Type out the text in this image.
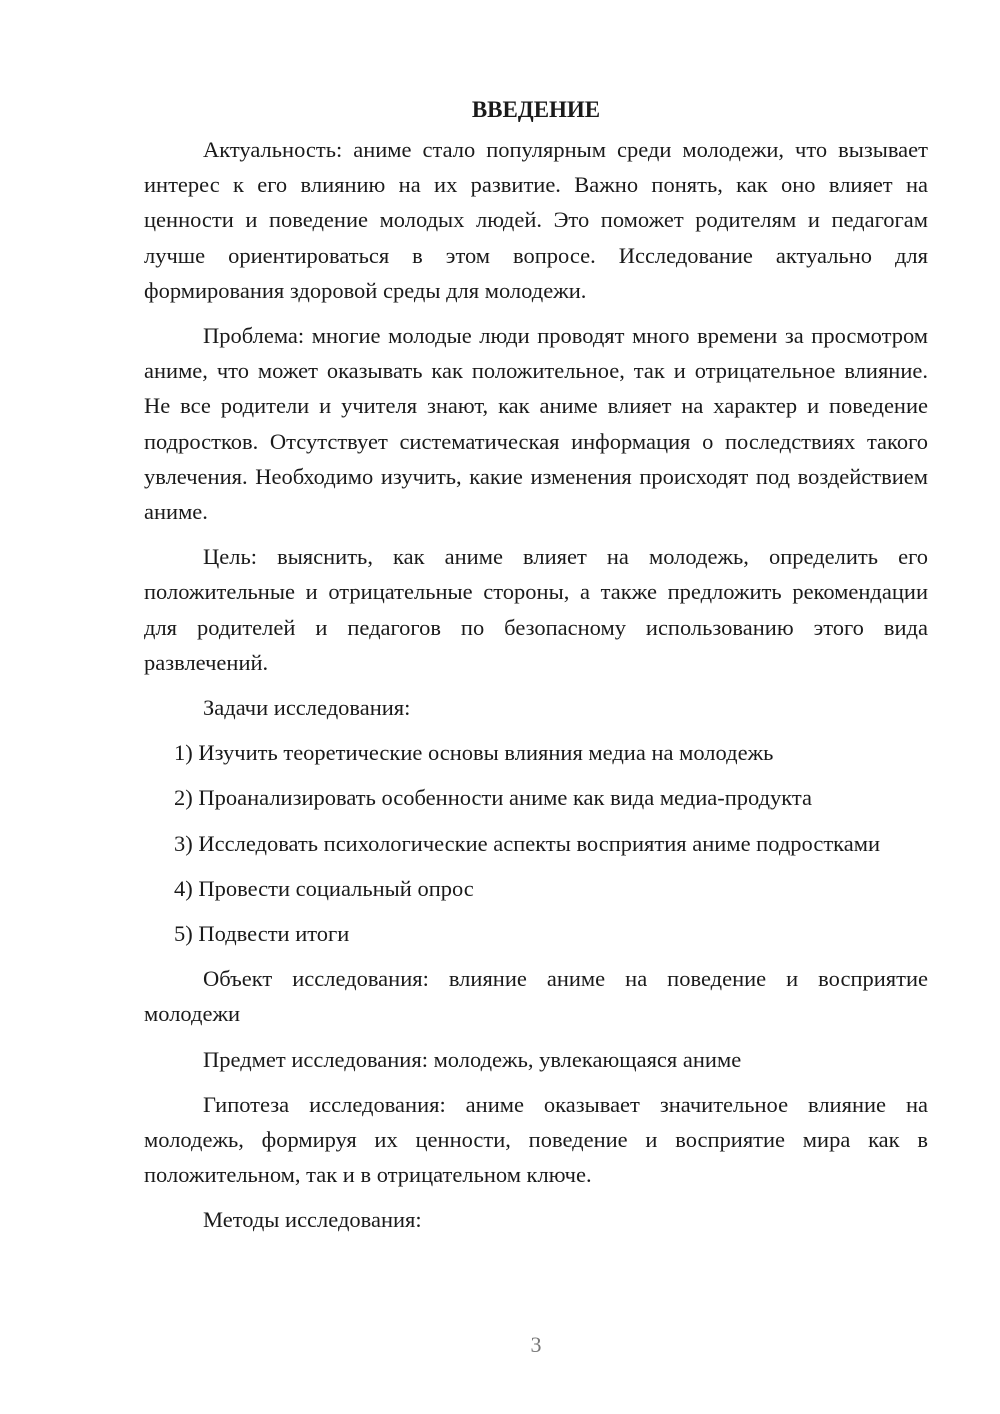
ВВЕДЕНИЕ

Актуальность: аниме стало популярным среди молодежи, что вызывает интерес к его влиянию на их развитие. Важно понять, как оно влияет на ценности и поведение молодых людей. Это поможет родителям и педагогам лучше ориентироваться в этом вопросе. Исследование актуально для формирования здоровой среды для молодежи.

Проблема: многие молодые люди проводят много времени за просмотром аниме, что может оказывать как положительное, так и отрицательное влияние. Не все родители и учителя знают, как аниме влияет на характер и поведение подростков. Отсутствует систематическая информация о последствиях такого увлечения. Необходимо изучить, какие изменения происходят под воздействием аниме.

Цель: выяснить, как аниме влияет на молодежь, определить его положительные и отрицательные стороны, а также предложить рекомендации для родителей и педагогов по безопасному использованию этого вида развлечений.

Задачи исследования:

1) Изучить теоретические основы влияния медиа на молодежь

2) Проанализировать особенности аниме как вида медиа-продукта

3) Исследовать психологические аспекты восприятия аниме подростками

4) Провести социальный опрос

5) Подвести итоги

Объект исследования: влияние аниме на поведение и восприятие молодежи

Предмет исследования: молодежь, увлекающаяся аниме

Гипотеза исследования: аниме оказывает значительное влияние на молодежь, формируя их ценности, поведение и восприятие мира как в положительном, так и в отрицательном ключе.

Методы исследования:

3
